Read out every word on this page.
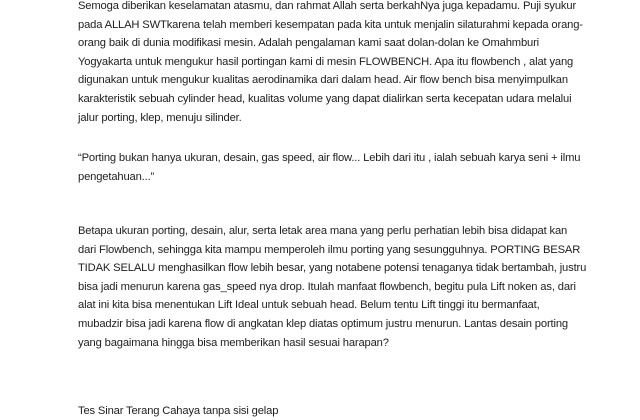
Semoga diberikan keselamatan atasmu, dan rahmat Allah serta berkahNya juga kepadamu. Puji syukur
pada ALLAH SWTkarena telah memberi kesempatan pada kita untuk menjalin silaturahmi kepada orang-
orang baik di dunia modifikasi mesin. Adalah pengalaman kami saat dolan-dolan ke Omahmburi
Yogyakarta untuk mengukur hasil portingan kami di mesin FLOWBENCH. Apa itu flowbench , alat yang
digunakan untuk mengukur kualitas aerodinamika dari dalam head. Air flow bench bisa menyimpulkan
karakteristik sebuah cylinder head, kualitas volume yang dapat dialirkan serta kecepatan udara melalui
jalur porting, klep, menuju silinder.

“Porting bukan hanya ukuran, desain, gas speed, air flow... Lebih dari itu , ialah sebuah karya seni + ilmu
pengetahuan...”

Betapa ukuran porting, desain, alur, serta letak area mana yang perlu perhatian lebih bisa didapat kan
dari Flowbench, sehingga kita mampu memperoleh ilmu porting yang sesungguhnya. PORTING BESAR
TIDAK SELALU menghasilkan flow lebih besar, yang notabene potensi tenaganya tidak bertambah, justru
bisa jadi menurun karena gas_speed nya drop. Itulah manfaat flowbench, begitu pula Lift noken as, dari
alat ini kita bisa menentukan Lift Ideal untuk sebuah head. Belum tentu Lift tinggi itu bermanfaat,
mubadzir bisa jadi karena flow di angkatan klep diatas optimum justru menurun. Lantas desain porting
yang bagaimana hingga bisa memberikan hasil sesuai harapan?

Tes Sinar Terang Cahaya tanpa sisi gelap
